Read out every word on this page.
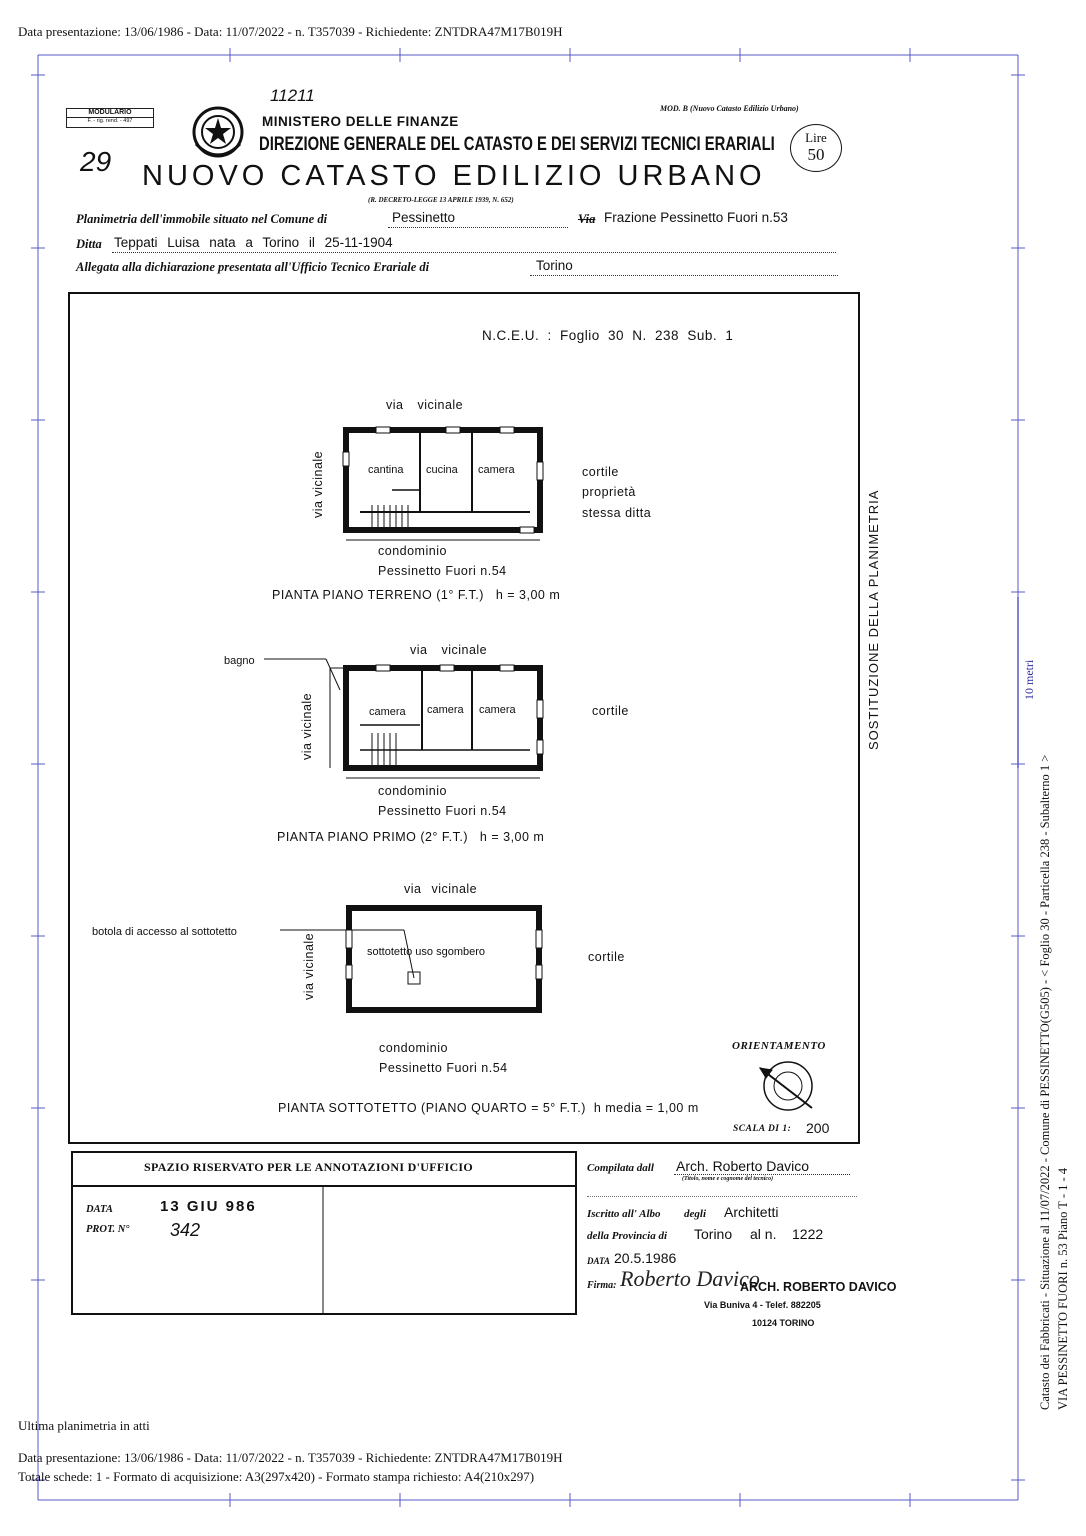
Data presentazione: 13/06/1986 - Data: 11/07/2022 - n. T357039 - Richiedente: ZNTDRA47M17B019H
MODULARIO
F. - rig. rend. - 497
11211
29
MINISTERO DELLE FINANZE
DIREZIONE GENERALE DEL CATASTO E DEI SERVIZI TECNICI ERARIALI
NUOVO CATASTO EDILIZIO URBANO
(R. DECRETO-LEGGE 13 APRILE 1939, N. 652)
MOD. B (Nuovo Catasto Edilizio Urbano)
Lire
50
Planimetria dell'immobile situato nel Comune di	Pessinetto	Via Frazione Pessinetto Fuori n.53
Ditta Teppati Luisa nata a Torino il 25-11-1904
Allegata alla dichiarazione presentata all'Ufficio Tecnico Erariale di	Torino
N.C.E.U. : Foglio 30 N. 238 Sub. 1
SOSTITUZIONE DELLA PLANIMETRIA
via vicinale
via vicinale	cantina cucina camera	cortile
proprietà
stessa ditta
condominio
Pessinetto Fuori n.54
PIANTA PIANO TERRENO (1° F.T.)   h = 3,00 m
via vicinale
via vicinale
bagno
camera camera camera	cortile
condominio
Pessinetto Fuori n.54
PIANTA PIANO PRIMO (2° F.T.)   h = 3,00 m
via vicinale
via vicinale
botola di accesso al sottotetto
sottotetto uso sgombero	cortile
condominio
Pessinetto Fuori n.54
PIANTA SOTTOTETTO (PIANO QUARTO = 5° F.T.)  h media = 1,00 m
ORIENTAMENTO
SCALA DI 1: 200
SPAZIO RISERVATO PER LE ANNOTAZIONI D'UFFICIO
DATA	13 GIU 986
PROT. N° 342
Compilata dall Arch. Roberto Davico
(Titolo, nome e cognome del tecnico)
Iscritto all' Albo degli Architetti
della Provincia di Torino al n. 1222
DATA 20.5.1986
Firma: Roberto Davico
ARCH. ROBERTO DAVICO
Via Buniva 4 - Telef. 882205
10124 TORINO	Catasto dei Fabbricati - Situazione al 11/07/2022 - Comune di PESSINETTO(G505) - < Foglio 30 - Particella 238 - Subalterno 1 > VIA PESSINETTO FUORI n. 53 Piano T - 1 - 4
10 metri
Ultima planimetria in atti
Data presentazione: 13/06/1986 - Data: 11/07/2022 - n. T357039 - Richiedente: ZNTDRA47M17B019H
Totale schede: 1 - Formato di acquisizione: A3(297x420) - Formato stampa richiesto: A4(210x297)
